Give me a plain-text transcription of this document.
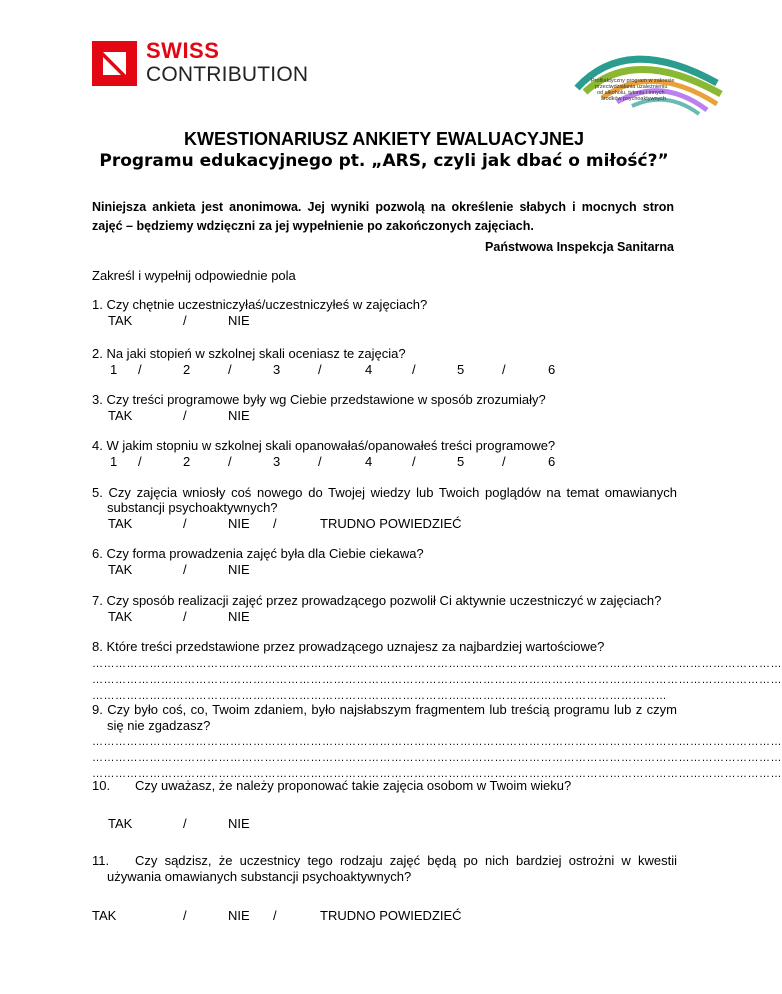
SWISS
CONTRIBUTION	Profilaktyczny program w zakresie
przeciwdziałania uzależnieniu
od alkoholu, tytoniu i innych
środków psychoaktywnych
KWESTIONARIUSZ ANKIETY EWALUACYJNEJ
Programu edukacyjnego pt. „ARS, czyli jak dbać o miłość?”
Niniejsza ankieta jest anonimowa. Jej wyniki pozwolą na określenie słabych i mocnych stron zajęć – będziemy wdzięczni za jej wypełnienie po zakończonych zajęciach.
Państwowa Inspekcja Sanitarna
Zakreśl i wypełnij odpowiednie pola
1. Czy chętnie uczestniczyłaś/uczestniczyłeś w zajęciach?
TAK	/	NIE
2. Na jaki stopień w szkolnej skali oceniasz te zajęcia?
1 /	2	/	3	/	4	/	5	/	6
3. Czy treści programowe były wg Ciebie przedstawione w sposób zrozumiały?
TAK	/	NIE
4. W jakim stopniu w szkolnej skali opanowałaś/opanowałeś treści programowe?
1 /	2	/	3	/	4	/	5	/	6
5. Czy zajęcia wniosły coś nowego do Twojej wiedzy lub Twoich poglądów na temat omawianych
substancji psychoaktywnych?
TAK	/	NIE /	TRUDNO POWIEDZIEĆ
6. Czy forma prowadzenia zajęć była dla Ciebie ciekawa?
TAK	/	NIE
7. Czy sposób realizacji zajęć przez prowadzącego pozwolił Ci aktywnie uczestniczyć w zajęciach?
TAK	/	NIE
8. Które treści przedstawione przez prowadzącego uznajesz za najbardziej wartościowe?
………………………………………………………………………………………………………………………………………………………………
………………………………………………………………………………………………………………………………………………………………
……………………………………………………………………………………………………………………………………
9. Czy było coś, co, Twoim zdaniem, było najsłabszym fragmentem lub treścią programu lub z czym
się nie zgadzasz?
………………………………………………………………………………………………………………………………………………………………
………………………………………………………………………………………………………………………………………………………………
………………………………………………………………………………………………………………………………………………………………
10. Czy uważasz, że należy proponować takie zajęcia osobom w Twoim wieku?
TAK	/	NIE
11. Czy sądzisz, że uczestnicy tego rodzaju zajęć będą po nich bardziej ostrożni w kwestii
używania omawianych substancji psychoaktywnych?
TAK	/	NIE /	TRUDNO POWIEDZIEĆ
